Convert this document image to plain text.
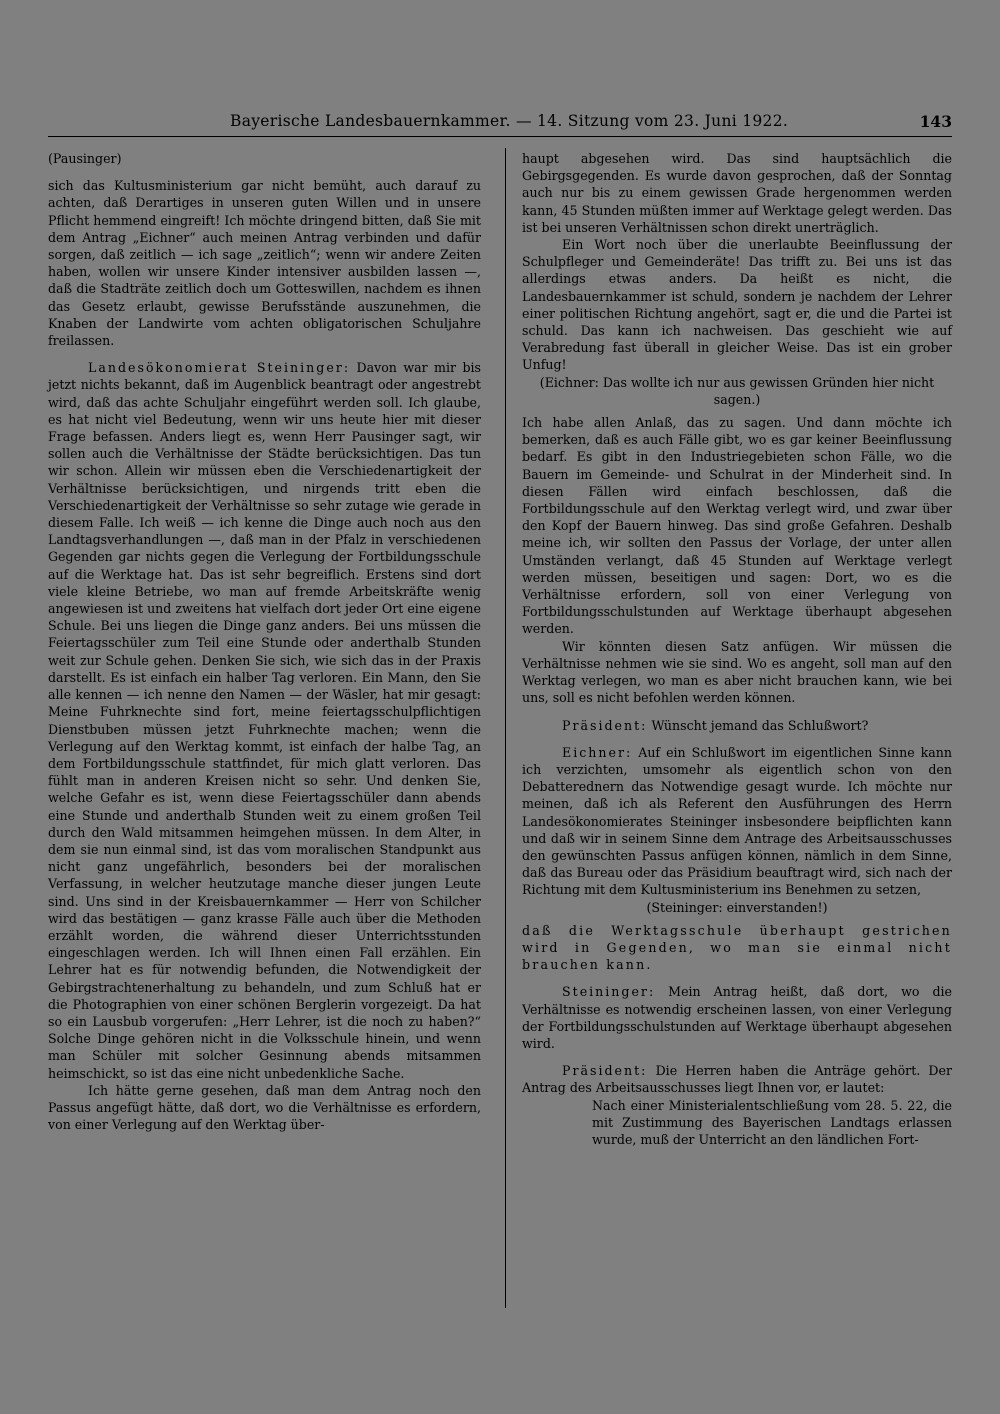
Bayerische Landesbauernkammer. — 14. Sitzung vom 23. Juni 1922.	143

(Pausinger)

sich das Kultusministerium gar nicht bemüht, auch darauf zu achten, daß Derartiges in unseren guten Willen und in unsere Pflicht hemmend eingreift! Ich möchte dringend bitten, daß Sie mit dem Antrag „Eichner“ auch meinen Antrag verbinden und dafür sorgen, daß zeitlich — ich sage „zeitlich“; wenn wir andere Zeiten haben, wollen wir unsere Kinder intensiver ausbilden lassen —, daß die Stadträte zeitlich doch um Gotteswillen, nachdem es ihnen das Gesetz erlaubt, gewisse Berufsstände auszunehmen, die Knaben der Landwirte vom achten obligatorischen Schuljahre freilassen.

Landesökonomierat Steininger: Davon war mir bis jetzt nichts bekannt, daß im Augenblick beantragt oder angestrebt wird, daß das achte Schuljahr eingeführt werden soll. Ich glaube, es hat nicht viel Bedeutung, wenn wir uns heute hier mit dieser Frage befassen. Anders liegt es, wenn Herr Pausinger sagt, wir sollen auch die Verhältnisse der Städte berücksichtigen. Das tun wir schon. Allein wir müssen eben die Verschiedenartigkeit der Verhältnisse berücksichtigen, und nirgends tritt eben die Verschiedenartigkeit der Verhältnisse so sehr zutage wie gerade in diesem Falle. Ich weiß — ich kenne die Dinge auch noch aus den Landtagsverhandlungen —, daß man in der Pfalz in verschiedenen Gegenden gar nichts gegen die Verlegung der Fortbildungsschule auf die Werktage hat. Das ist sehr begreiflich. Erstens sind dort viele kleine Betriebe, wo man auf fremde Arbeitskräfte wenig angewiesen ist und zweitens hat vielfach dort jeder Ort eine eigene Schule. Bei uns liegen die Dinge ganz anders. Bei uns müssen die Feiertagsschüler zum Teil eine Stunde oder anderthalb Stunden weit zur Schule gehen. Denken Sie sich, wie sich das in der Praxis darstellt. Es ist einfach ein halber Tag verloren. Ein Mann, den Sie alle kennen — ich nenne den Namen — der Wäsler, hat mir gesagt: Meine Fuhrknechte sind fort, meine feiertagsschulpflichtigen Dienstbuben müssen jetzt Fuhrknechte machen; wenn die Verlegung auf den Werktag kommt, ist einfach der halbe Tag, an dem Fortbildungsschule stattfindet, für mich glatt verloren. Das fühlt man in anderen Kreisen nicht so sehr. Und denken Sie, welche Gefahr es ist, wenn diese Feiertagsschüler dann abends eine Stunde und anderthalb Stunden weit zu einem großen Teil durch den Wald mitsammen heimgehen müssen. In dem Alter, in dem sie nun einmal sind, ist das vom moralischen Standpunkt aus nicht ganz ungefährlich, besonders bei der moralischen Verfassung, in welcher heutzutage manche dieser jungen Leute sind. Uns sind in der Kreisbauernkammer — Herr von Schilcher wird das bestätigen — ganz krasse Fälle auch über die Methoden erzählt worden, die während dieser Unterrichtsstunden eingeschlagen werden. Ich will Ihnen einen Fall erzählen. Ein Lehrer hat es für notwendig befunden, die Notwendigkeit der Gebirgstrachtenerhaltung zu behandeln, und zum Schluß hat er die Photographien von einer schönen Berglerin vorgezeigt. Da hat so ein Lausbub vorgerufen: „Herr Lehrer, ist die noch zu haben?“ Solche Dinge gehören nicht in die Volksschule hinein, und wenn man Schüler mit solcher Gesinnung abends mitsammen heimschickt, so ist das eine nicht unbedenkliche Sache.

Ich hätte gerne gesehen, daß man dem Antrag noch den Passus angefügt hätte, daß dort, wo die Verhältnisse es erfordern, von einer Verlegung auf den Werktag über-

haupt abgesehen wird. Das sind hauptsächlich die Gebirgsgegenden. Es wurde davon gesprochen, daß der Sonntag auch nur bis zu einem gewissen Grade hergenommen werden kann, 45 Stunden müßten immer auf Werktage gelegt werden. Das ist bei unseren Verhältnissen schon direkt unerträglich.

Ein Wort noch über die unerlaubte Beeinflussung der Schulpfleger und Gemeinderäte! Das trifft zu. Bei uns ist das allerdings etwas anders. Da heißt es nicht, die Landesbauernkammer ist schuld, sondern je nachdem der Lehrer einer politischen Richtung angehört, sagt er, die und die Partei ist schuld. Das kann ich nachweisen. Das geschieht wie auf Verabredung fast überall in gleicher Weise. Das ist ein grober Unfug!

(Eichner: Das wollte ich nur aus gewissen Gründen hier nicht sagen.)

Ich habe allen Anlaß, das zu sagen. Und dann möchte ich bemerken, daß es auch Fälle gibt, wo es gar keiner Beeinflussung bedarf. Es gibt in den Industriegebieten schon Fälle, wo die Bauern im Gemeinde- und Schulrat in der Minderheit sind. In diesen Fällen wird einfach beschlossen, daß die Fortbildungsschule auf den Werktag verlegt wird, und zwar über den Kopf der Bauern hinweg. Das sind große Gefahren. Deshalb meine ich, wir sollten den Passus der Vorlage, der unter allen Umständen verlangt, daß 45 Stunden auf Werktage verlegt werden müssen, beseitigen und sagen: Dort, wo es die Verhältnisse erfordern, soll von einer Verlegung von Fortbildungsschulstunden auf Werktage überhaupt abgesehen werden.

Wir könnten diesen Satz anfügen. Wir müssen die Verhältnisse nehmen wie sie sind. Wo es angeht, soll man auf den Werktag verlegen, wo man es aber nicht brauchen kann, wie bei uns, soll es nicht befohlen werden können.

Präsident: Wünscht jemand das Schlußwort?

Eichner: Auf ein Schlußwort im eigentlichen Sinne kann ich verzichten, umsomehr als eigentlich schon von den Debatterednern das Notwendige gesagt wurde. Ich möchte nur meinen, daß ich als Referent den Ausführungen des Herrn Landesökonomierates Steininger insbesondere beipflichten kann und daß wir in seinem Sinne dem Antrage des Arbeitsausschusses den gewünschten Passus anfügen können, nämlich in dem Sinne, daß das Bureau oder das Präsidium beauftragt wird, sich nach der Richtung mit dem Kultusministerium ins Benehmen zu setzen,

(Steininger: einverstanden!)

daß die Werktagsschule überhaupt gestrichen wird in Gegenden, wo man sie einmal nicht brauchen kann.

Steininger: Mein Antrag heißt, daß dort, wo die Verhältnisse es notwendig erscheinen lassen, von einer Verlegung der Fortbildungsschulstunden auf Werktage überhaupt abgesehen wird.

Präsident: Die Herren haben die Anträge gehört. Der Antrag des Arbeitsausschusses liegt Ihnen vor, er lautet:

Nach einer Ministerialentschließung vom 28. 5. 22, die mit Zustimmung des Bayerischen Landtags erlassen wurde, muß der Unterricht an den ländlichen Fort-
